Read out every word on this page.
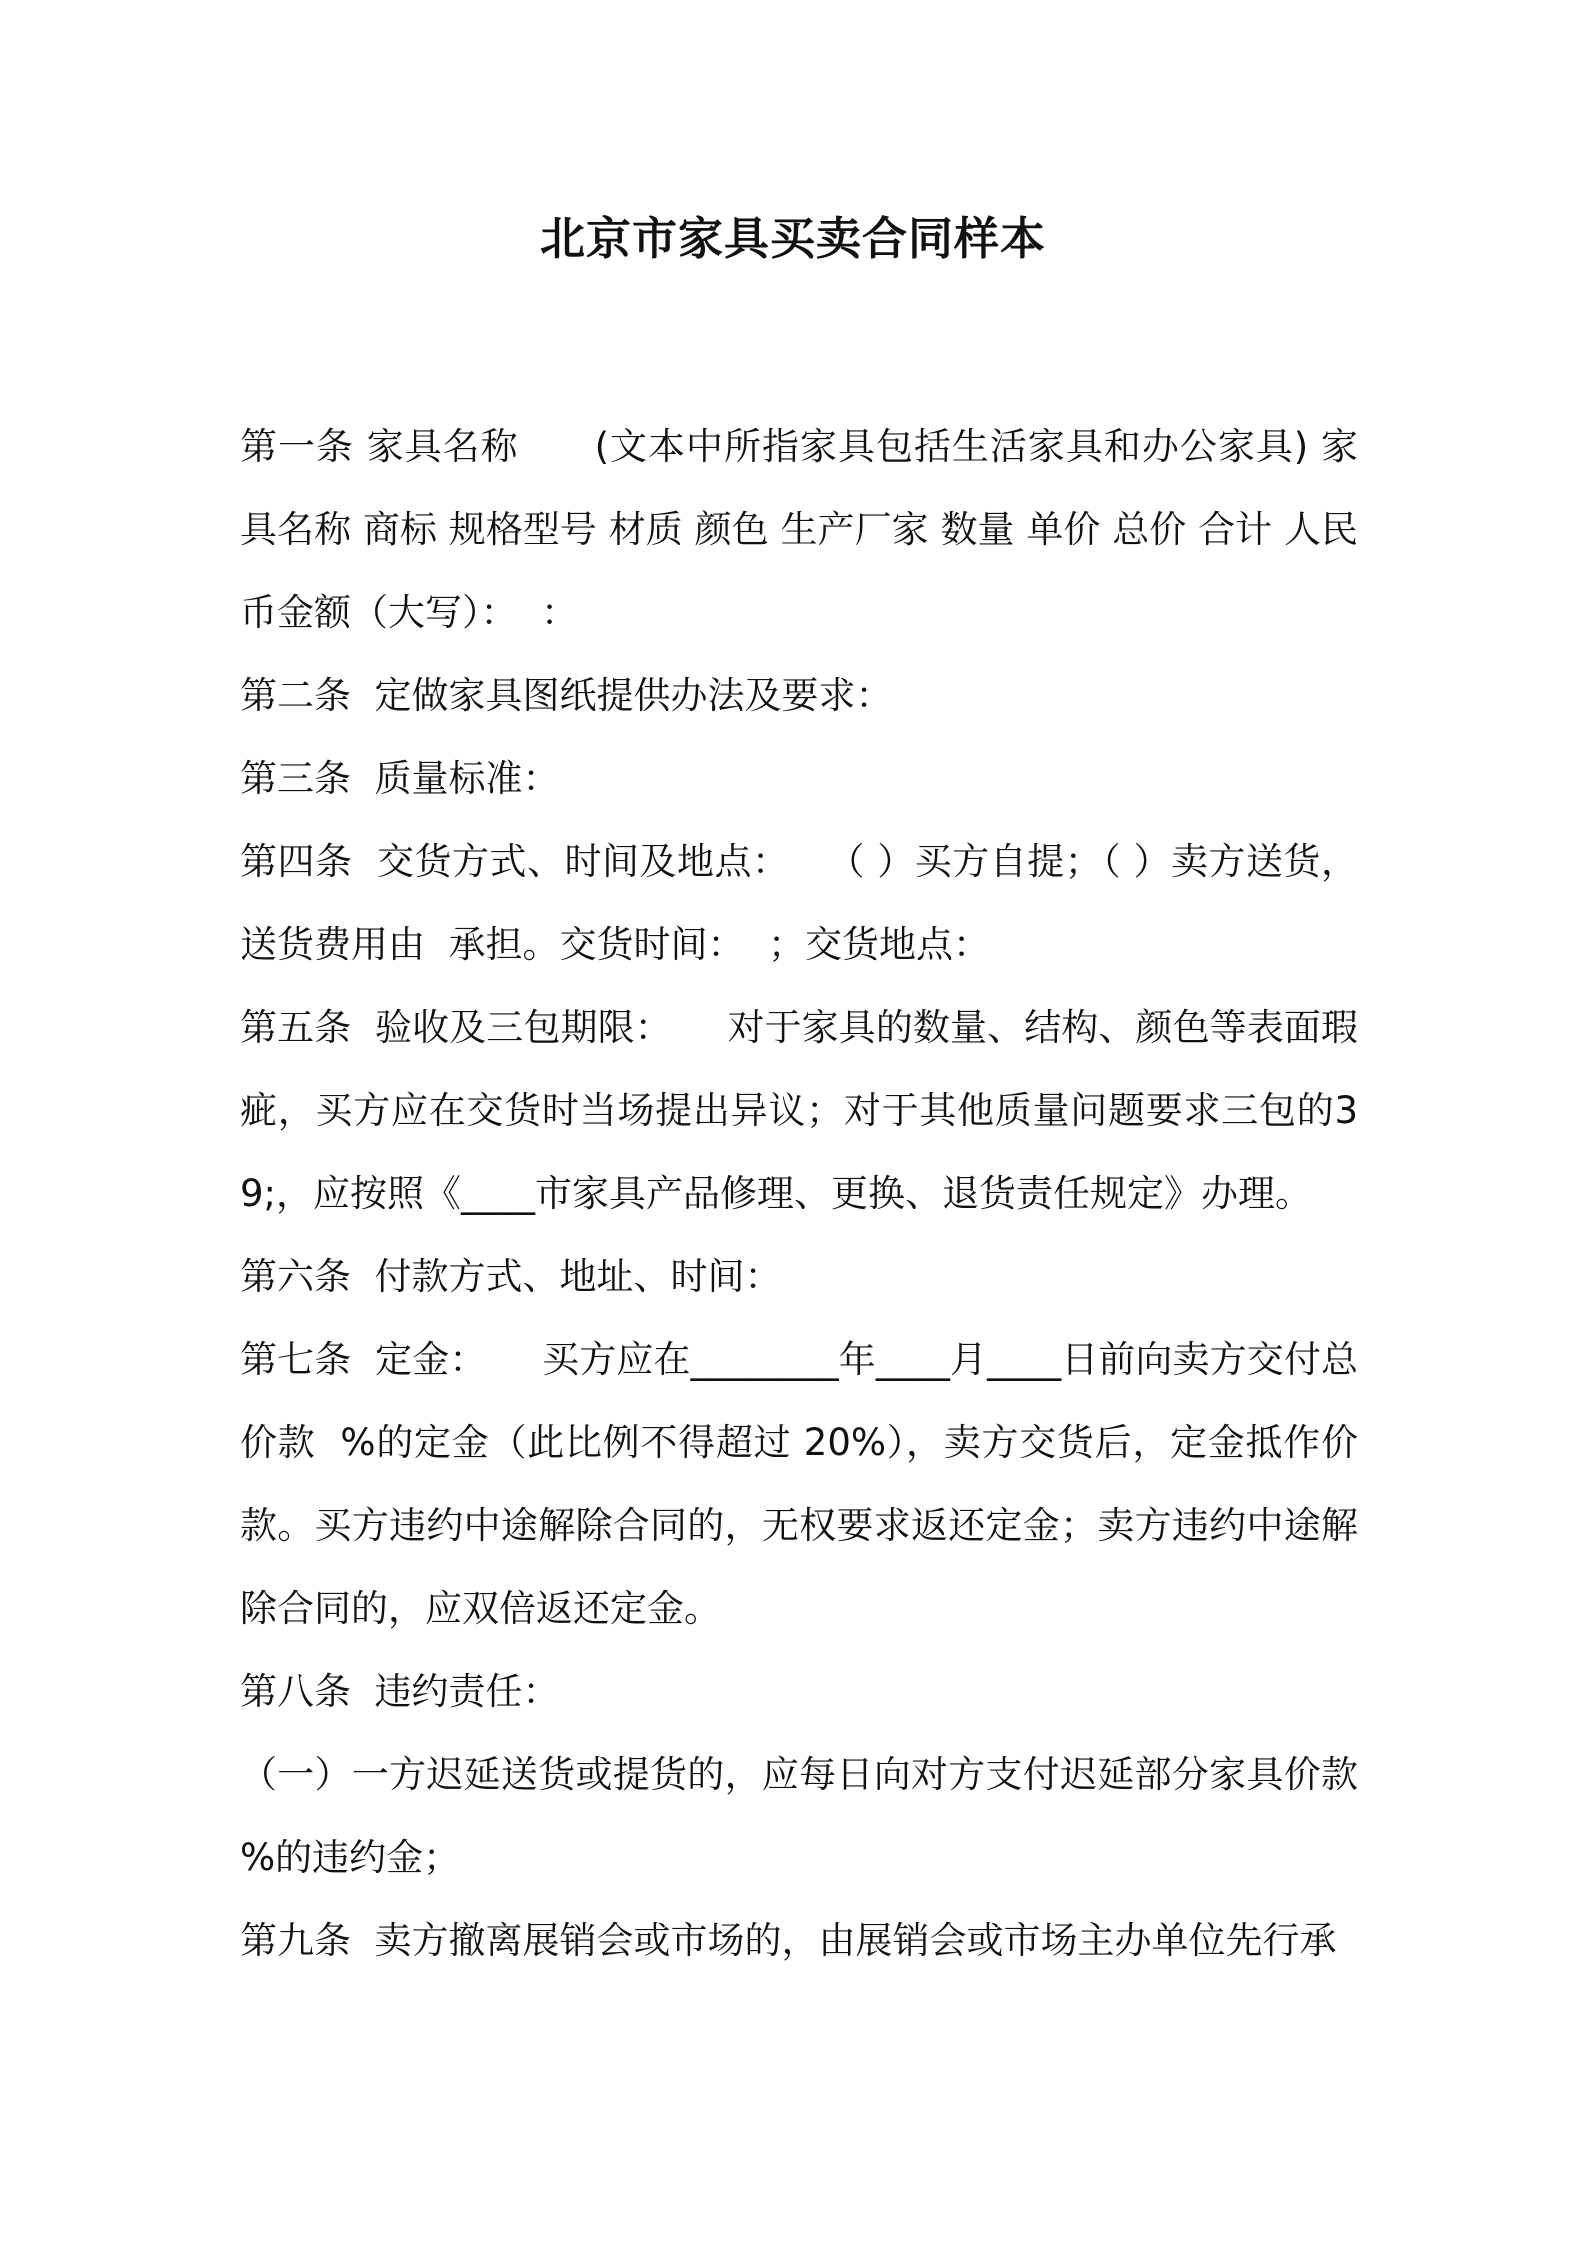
北京市家具买卖合同样本

第一条 家具名称　　(文本中所指家具包括生活家具和办公家具) 家具名称 商标 规格型号 材质 颜色 生产厂家 数量 单价 总价 合计 人民币金额（大写）：  ：

第二条  定做家具图纸提供办法及要求：

第三条  质量标准：

第四条  交货方式、时间及地点：　　（ ）买方自提；（ ）卖方送货，送货费用由  承担。交货时间：  ；交货地点：

第五条  验收及三包期限：　　对于家具的数量、结构、颜色等表面瑕疵，买方应在交货时当场提出异议；对于其他质量问题要求三包的39;，应按照《____市家具产品修理、更换、退货责任规定》办理。

第六条  付款方式、地址、时间：

第七条  定金：　　买方应在________年____月____日前向卖方交付总价款  %的定金（此比例不得超过 20%），卖方交货后，定金抵作价款。买方违约中途解除合同的，无权要求返还定金；卖方违约中途解除合同的，应双倍返还定金。

第八条  违约责任：

（一）一方迟延送货或提货的，应每日向对方支付迟延部分家具价款  %的违约金；

第九条  卖方撤离展销会或市场的，由展销会或市场主办单位先行承
